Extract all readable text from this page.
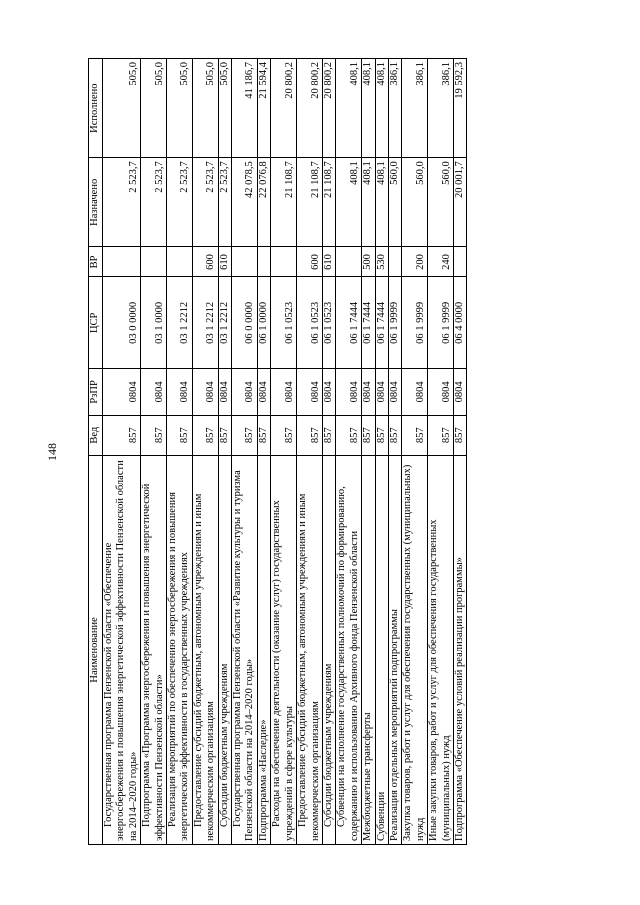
148
Наименование	Вед	РзПР	ЦСР	ВР	Назначено	Исполнено
Государственная программа Пензенской области «Обеспечение энергосбережения и повышения энергетической эффективности Пензенской области на 2014–2020 годы»	857	0804	03 0 0000		2 523,7	505,0
Подпрограмма «Программа энергосбережения и повышения энергетической эффективности Пензенской области»	857	0804	03 1 0000		2 523,7	505,0
Реализация мероприятий по обеспечению энергосбережения и повышения энергетической эффективности в государственных учреждениях	857	0804	03 1 2212		2 523,7	505,0
Предоставление субсидий бюджетным, автономным учреждениям и иным некоммерческим организациям	857	0804	03 1 2212	600	2 523,7	505,0
Субсидии бюджетным учреждениям	857	0804	03 1 2212	610	2 523,7	505,0
Государственная программа Пензенской области «Развитие культуры и туризма Пензенской области на 2014–2020 годы»	857	0804	06 0 0000		42 078,5	41 186,7
Подпрограмма «Наследие»	857	0804	06 1 0000		22 076,8	21 594,4
Расходы на обеспечение деятельности (оказание услуг) государственных учреждений в сфере культуры	857	0804	06 1 0523		21 108,7	20 800,2
Предоставление субсидий бюджетным, автономным учреждениям и иным некоммерческим организациям	857	0804	06 1 0523	600	21 108,7	20 800,2
Субсидии бюджетным учреждениям	857	0804	06 1 0523	610	21 108,7	20 800,2
Субвенции на исполнение государственных полномочий по формированию, содержанию и использованию Архивного фонда Пензенской области	857	0804	06 1 7444		408,1	408,1
Межбюджетные трансферты	857	0804	06 1 7444	500	408,1	408,1
Субвенции	857	0804	06 1 7444	530	408,1	408,1
Реализация отдельных мероприятий подпрограммы	857	0804	06 1 9999		560,0	386,1
Закупка товаров, работ и услуг для обеспечения государственных (муниципальных) нужд	857	0804	06 1 9999	200	560,0	386,1
Иные закупки товаров, работ и услуг для обеспечения государственных (муниципальных) нужд	857	0804	06 1 9999	240	560,0	386,1
Подпрограмма «Обеспечение условий реализации программы»	857	0804	06 4 0000		20 001,7	19 592,3
